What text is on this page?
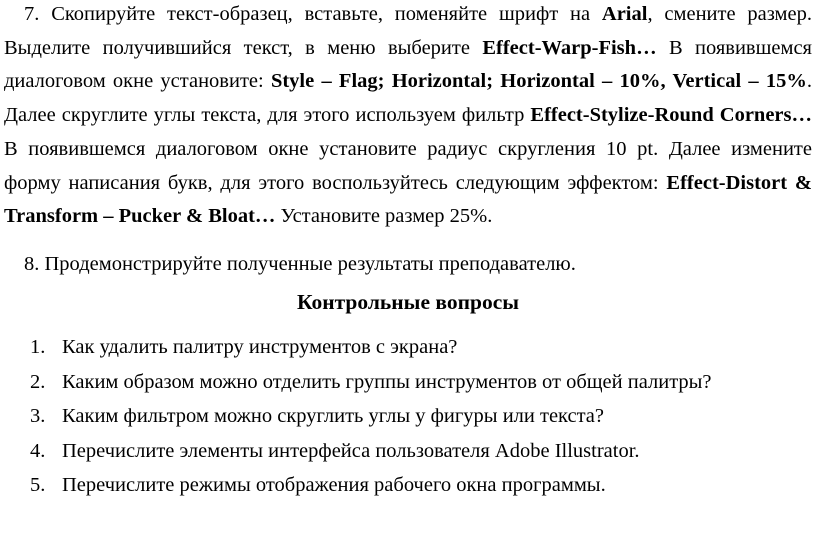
7. Скопируйте текст-образец, вставьте, поменяйте шрифт на Arial, смените размер. Выделите получившийся текст, в меню выберите Effect-Warp-Fish… В появившемся диалоговом окне установите: Style – Flag; Horizontal; Horizontal – 10%, Vertical – 15%. Далее скруглите углы текста, для этого используем фильтр Effect-Stylize-Round Corners… В появившемся диалоговом окне установите радиус скругления 10 pt. Далее измените форму написания букв, для этого воспользуйтесь следующим эффектом: Effect-Distort & Transform – Pucker & Bloat… Установите размер 25%.

8. Продемонстрируйте полученные результаты преподавателю.

Контрольные вопросы
1. Как удалить палитру инструментов с экрана?
2. Каким образом можно отделить группы инструментов от общей палитры?
3. Каким фильтром можно скруглить углы у фигуры или текста?
4. Перечислите элементы интерфейса пользователя Adobe Illustrator.
5. Перечислите режимы отображения рабочего окна программы.
